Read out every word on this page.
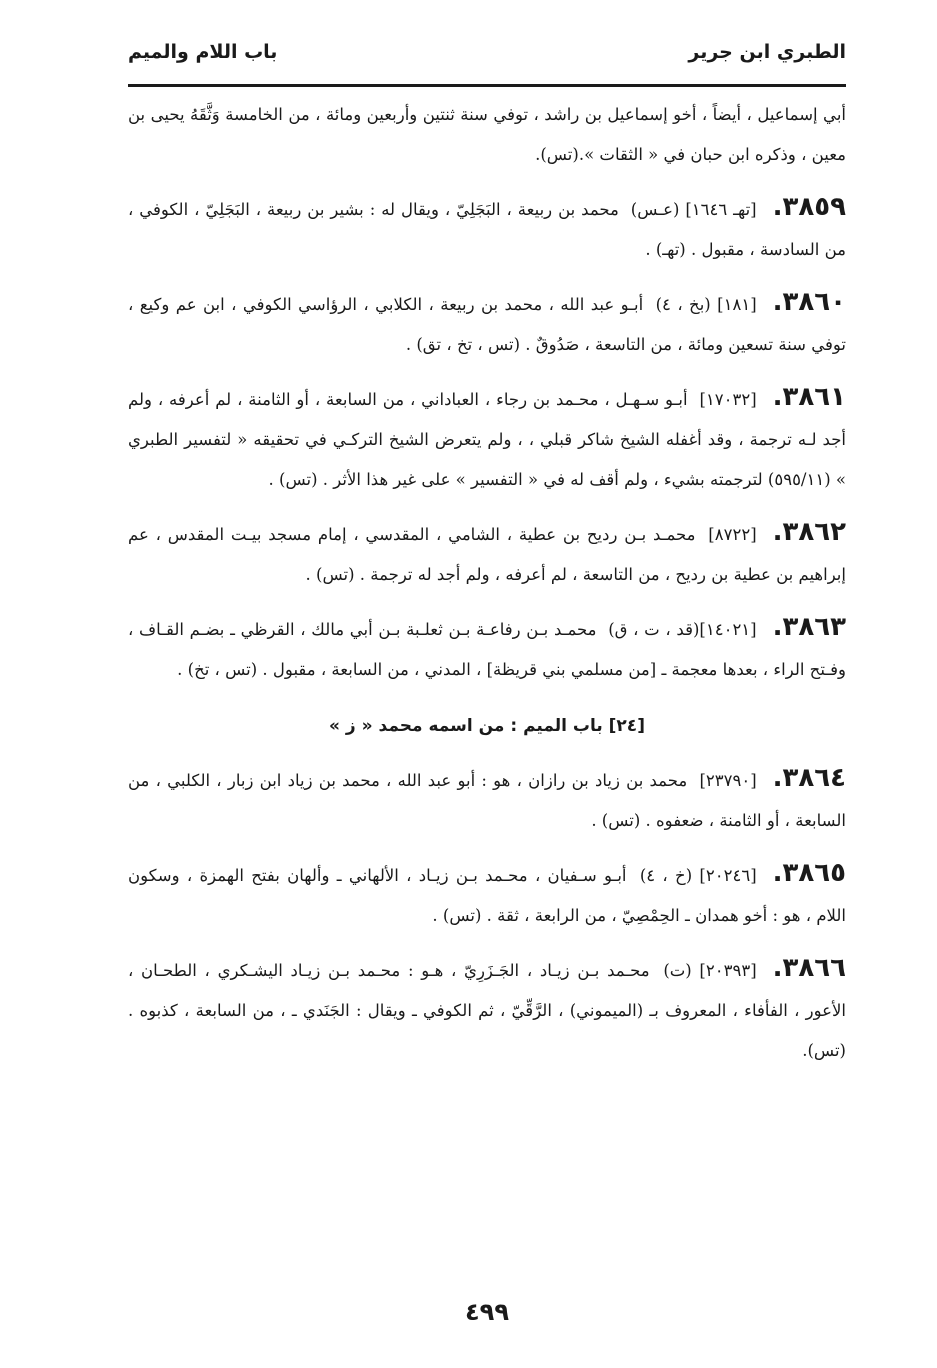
الطبري ابن جرير
باب اللام والميم

أبي إسماعيل ، أيضاً ، أخو إسماعيل بن راشد ، توفي سنة ثنتين وأربعين ومائة ، من الخامسة وَثَّقَهُ يحيى بن معين ، وذكره ابن حبان في « الثقات ».(تس).

٣٨٥٩.[تهـ ١٦٤٦] (عـس) محمد بن ربيعة ، البَجَلِيّ ، ويقال له : بشير بن ربيعة ، البَجَلِيّ ، الكوفي ، من السادسة ، مقبول . (تهـ) .

٣٨٦٠.[١٨١] (بخ ، ٤) أبـو عبد الله ، محمد بن ربيعة ، الكلابي ، الرؤاسي الكوفي ، ابن عم وكيع ، توفي سنة تسعين ومائة ، من التاسعة ، صَدُوقٌ . (تس ، تخ ، تق) .

٣٨٦١.[١٧٠٣٢] أبـو سـهـل ، محـمد بن رجاء ، العباداني ، من السابعة ، أو الثامنة ، لم أعرفه ، ولم أجد لـه ترجمة ، وقد أغفله الشيخ شاكر قبلي ، ، ولم يتعرض الشيخ التركـي في تحقيقه « لتفسير الطبري » (٥٩٥/١١) لترجمته بشيء ، ولم أقف له في « التفسير » على غير هذا الأثر . (تس) .

٣٨٦٢.[٨٧٢٢] محمـد بـن رديح بن عطية ، الشامي ، المقدسي ، إمام مسجد بيـت المقدس ، عم إبراهيم بن عطية بن رديح ، من التاسعة ، لم أعرفه ، ولم أجد له ترجمة . (تس) .

٣٨٦٣.[١٤٠٢١](قد ، ت ، ق) محمـد بـن رفاعـة بـن ثعلـبة بـن أبي مالك ، القرظي ـ بضـم القـاف ، وفـتح الراء ، بعدها معجمة ـ [من مسلمي بني قريظة] ، المدني ، من السابعة ، مقبول . (تس ، تخ) .

[٢٤] باب الميم : من اسمه محمد « ز »

٣٨٦٤.[٢٣٧٩٠] محمد بن زياد بن رازان ، هو : أبو عبد الله ، محمد بن زياد ابن زبار ، الكلبي ، من السابعة ، أو الثامنة ، ضعفوه . (تس) .

٣٨٦٥.[٢٠٢٤٦] (خ ، ٤) أبـو سـفيان ، محـمد بـن زيـاد ، الألهاني ـ وألهان بفتح الهمزة ، وسكون اللام ، هو : أخو همدان ـ الحِمْصِيّ ، من الرابعة ، ثقة . (تس) .

٣٨٦٦.[٢٠٣٩٣] (ت) محـمد بـن زيـاد ، الجَـزَرِيّ ، هـو : محـمد بـن زيـاد اليشـكري ، الطحـان ، الأعور ، الفأفاء ، المعروف بـ (الميموني) ، الرَّقِّيّ ، ثم الكوفي ـ ويقال : الجَنَدي ـ ، من السابعة ، كذبوه . (تس).

٤٩٩
